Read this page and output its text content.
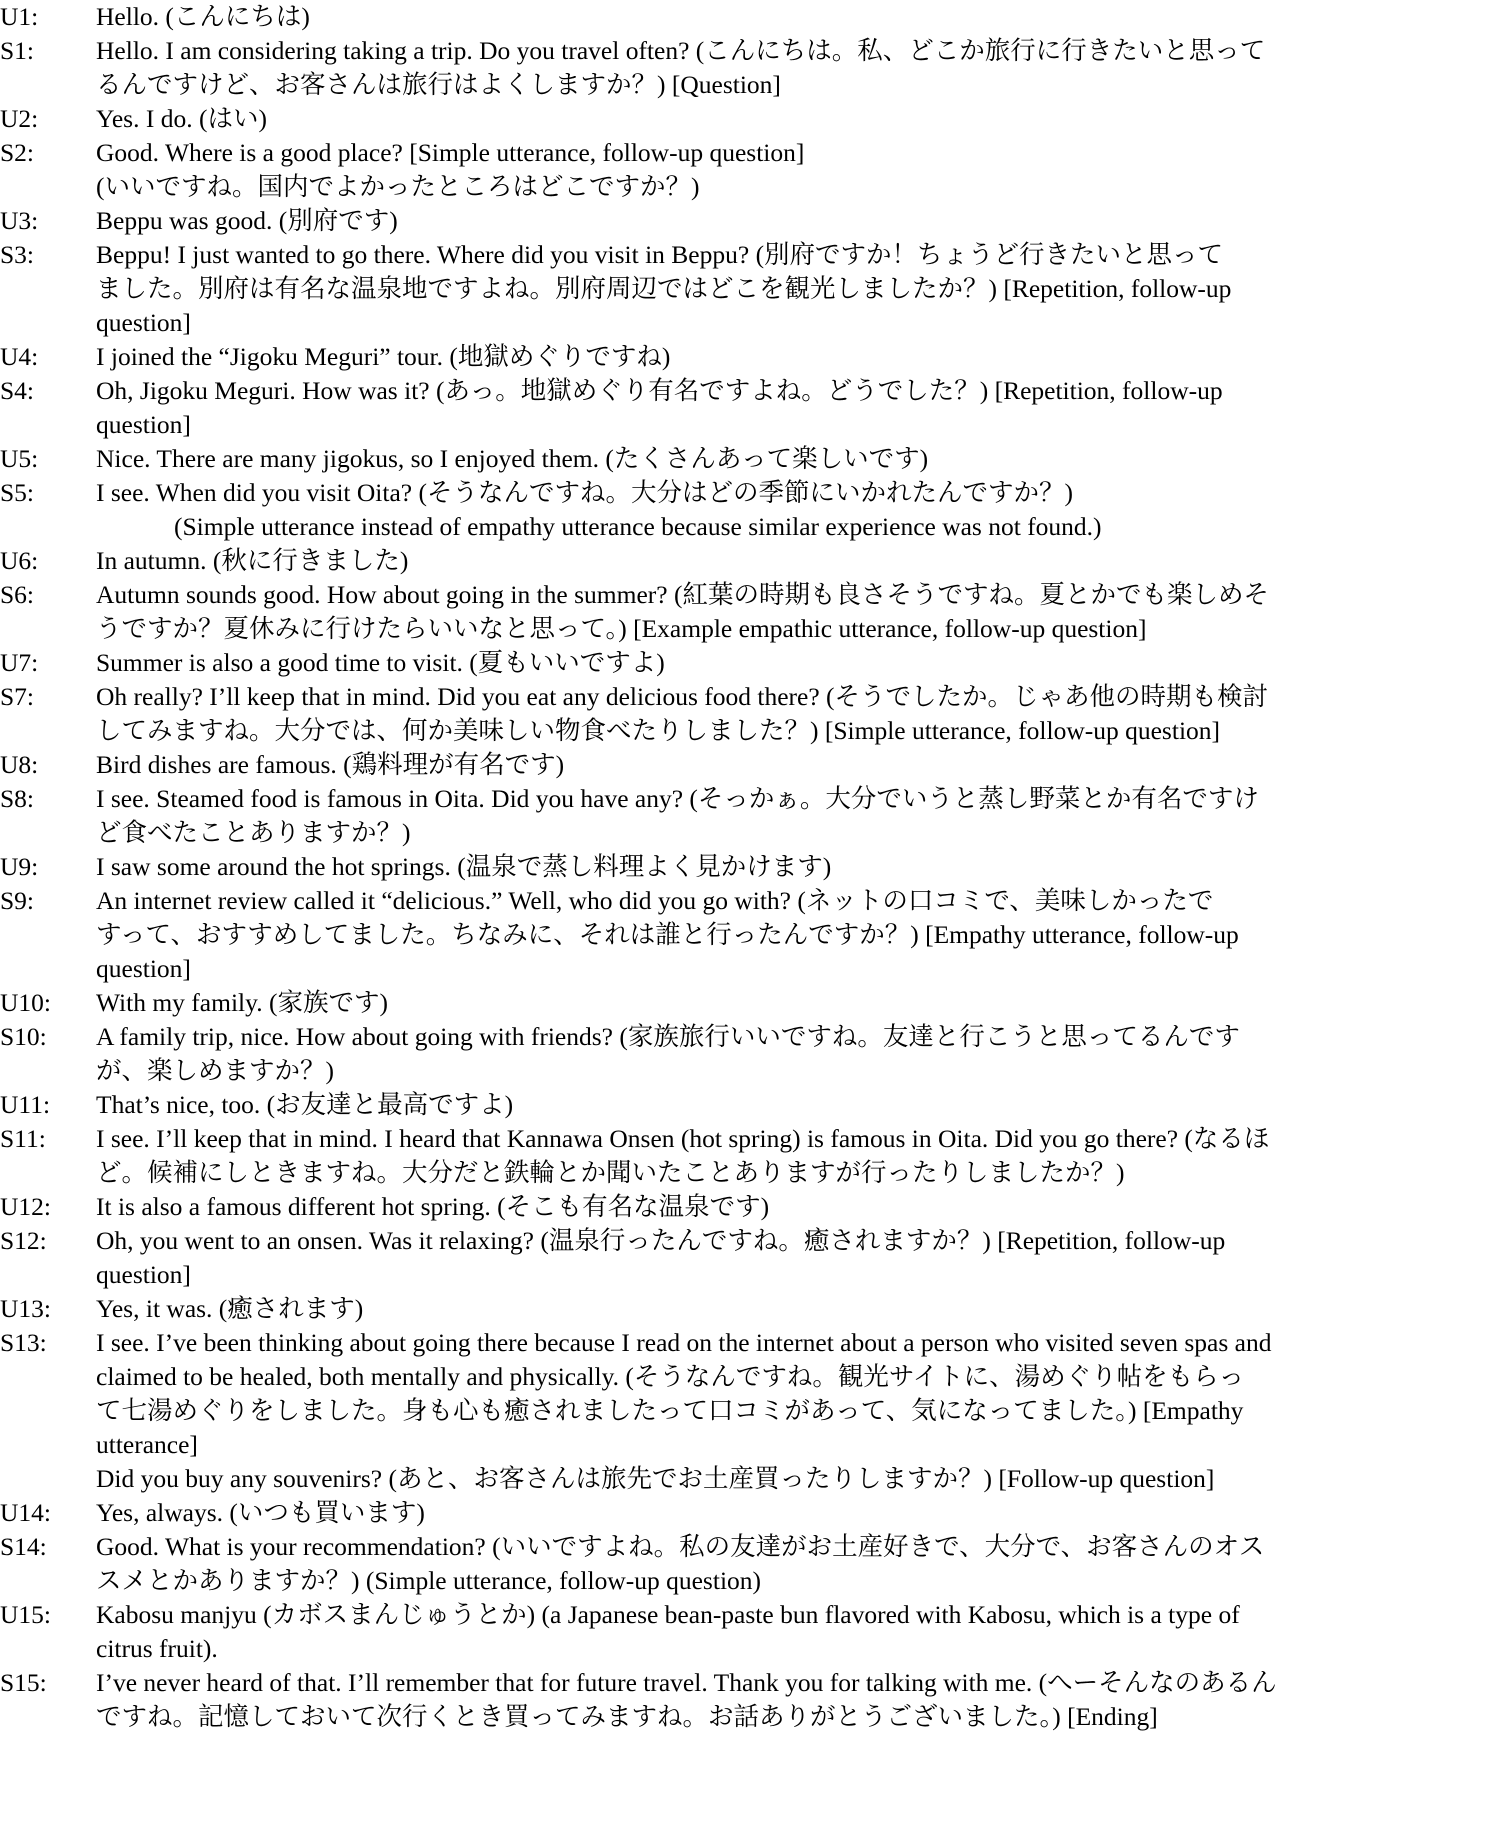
U1:	Hello. (こんにちは)
S1:	Hello. I am considering taking a trip. Do you travel often? (こんにちは。私、どこか旅行に行きたいと思って
るんですけど、お客さんは旅行はよくしますか？) [Question]
U2:	Yes. I do. (はい)
S2:	Good. Where is a good place? [Simple utterance, follow-up question]
(いいですね。国内でよかったところはどこですか？)
U3:	Beppu was good. (別府です)
S3:	Beppu! I just wanted to go there. Where did you visit in Beppu? (別府ですか！ちょうど行きたいと思って
ました。別府は有名な温泉地ですよね。別府周辺ではどこを観光しましたか？) [Repetition, follow-up
question]
U4:	I joined the “Jigoku Meguri” tour. (地獄めぐりですね)
S4:	Oh, Jigoku Meguri. How was it? (あっ。地獄めぐり有名ですよね。どうでした？) [Repetition, follow-up
question]
U5:	Nice. There are many jigokus, so I enjoyed them. (たくさんあって楽しいです)
S5:	I see. When did you visit Oita? (そうなんですね。大分はどの季節にいかれたんですか？)
(Simple utterance instead of empathy utterance because similar experience was not found.)
U6:	In autumn. (秋に行きました)
S6:	Autumn sounds good. How about going in the summer? (紅葉の時期も良さそうですね。夏とかでも楽しめそ
うですか？夏休みに行けたらいいなと思って。) [Example empathic utterance, follow-up question]
U7:	Summer is also a good time to visit. (夏もいいですよ)
S7:	Oh really? I’ll keep that in mind. Did you eat any delicious food there? (そうでしたか。じゃあ他の時期も検討
してみますね。大分では、何か美味しい物食べたりしました？) [Simple utterance, follow-up question]
U8:	Bird dishes are famous. (鶏料理が有名です)
S8:	I see. Steamed food is famous in Oita. Did you have any? (そっかぁ。大分でいうと蒸し野菜とか有名ですけ
ど食べたことありますか？)
U9:	I saw some around the hot springs. (温泉で蒸し料理よく見かけます)
S9:	An internet review called it “delicious.” Well, who did you go with? (ネットの口コミで、美味しかったで
すって、おすすめしてました。ちなみに、それは誰と行ったんですか？) [Empathy utterance, follow-up
question]
U10:	With my family. (家族です)
S10:	A family trip, nice. How about going with friends? (家族旅行いいですね。友達と行こうと思ってるんです
が、楽しめますか？)
U11:	That’s nice, too. (お友達と最高ですよ)
S11:	I see. I’ll keep that in mind. I heard that Kannawa Onsen (hot spring) is famous in Oita. Did you go there? (なるほ
ど。候補にしときますね。大分だと鉄輪とか聞いたことありますが行ったりしましたか？)
U12:	It is also a famous different hot spring. (そこも有名な温泉です)
S12:	Oh, you went to an onsen. Was it relaxing? (温泉行ったんですね。癒されますか？) [Repetition, follow-up
question]
U13:	Yes, it was. (癒されます)
S13:	I see. I’ve been thinking about going there because I read on the internet about a person who visited seven spas and
claimed to be healed, both mentally and physically. (そうなんですね。観光サイトに、湯めぐり帖をもらっ
て七湯めぐりをしました。身も心も癒されましたって口コミがあって、気になってました。) [Empathy
utterance]
Did you buy any souvenirs? (あと、お客さんは旅先でお土産買ったりしますか？) [Follow-up question]
U14:	Yes, always. (いつも買います)
S14:	Good. What is your recommendation? (いいですよね。私の友達がお土産好きで、大分で、お客さんのオス
スメとかありますか？) (Simple utterance, follow-up question)
U15:	Kabosu manjyu (カボスまんじゅうとか) (a Japanese bean-paste bun flavored with Kabosu, which is a type of
citrus fruit).
S15:	I’ve never heard of that. I’ll remember that for future travel. Thank you for talking with me. (へーそんなのあるん
ですね。記憶しておいて次行くとき買ってみますね。お話ありがとうございました。) [Ending]
